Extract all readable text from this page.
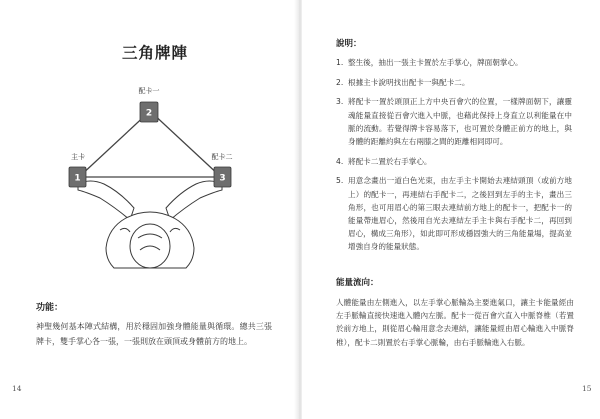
三角牌陣
2
1	3
配卡一
主卡	配卡二
功能：
神聖幾何基本陣式結構，用於穩固加強身體能量與循環。總共三張牌卡，雙手掌心各一張，一張則放在頭頂或身體前方的地上。
14
說明：
1. 整生後，抽出一張主卡置於左手掌心，牌面朝掌心。
2. 根據主卡說明找出配卡一與配卡二。
3. 將配卡一置於頭頂正上方中央百會穴的位置，一樣牌面朝下，讓靈魂能量直接從百會穴進入中脈，也藉此保持上身直立以利能量在中脈的流動。若覺得牌卡容易落下，也可置於身體正前方的地上，與身體的距離約與左右兩膝之間的距離相同即可。
4. 將配卡二置於右手掌心。
5. 用意念畫出一道白色光束，由左手主卡開始去連結頭頂（或前方地上）的配卡一，再連結右手配卡二，之後回到左手的主卡，畫出三角形，也可用眉心的第三眼去連結前方地上的配卡一，把配卡一的能量帶進眉心，然後用自光去連結左手主卡與右手配卡二，再回到眉心，構成三角形），如此即可形成穩固強大的三角能量場，提高並增強自身的能量狀態。
能量流向：
人體能量由左側進入，以左手掌心脈輪為主要進氣口，讓主卡能量經由左手脈輪直接快速進入體內左脈。配卡一從百會穴直入中脈脊椎（若置於前方地上，則從眉心輪用意念去連結，讓能量經由眉心輪進入中脈脊椎），配卡二則置於右手掌心脈輪，由右手脈輪進入右脈。
15
